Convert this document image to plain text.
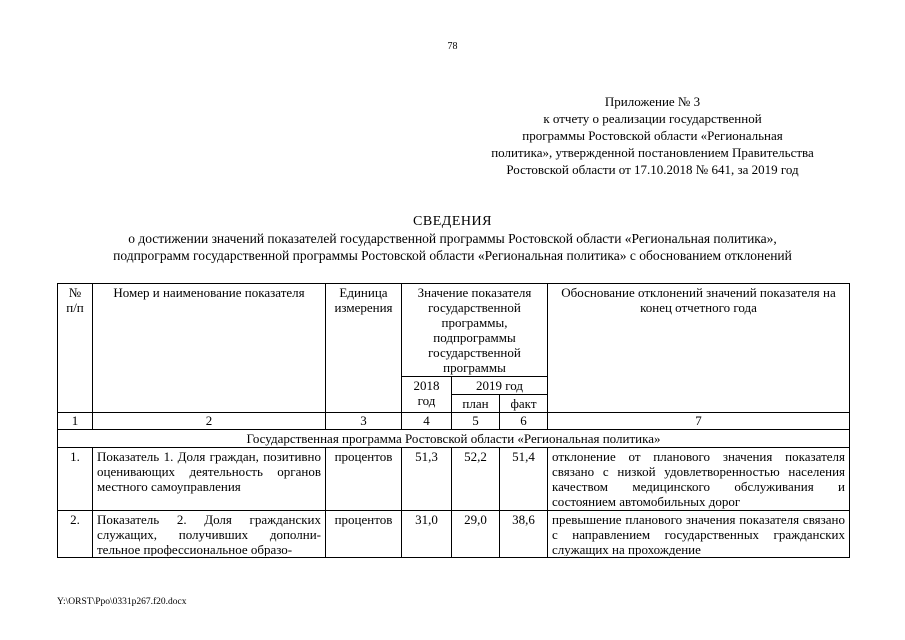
78
Приложение № 3
к отчету о реализации государственной
программы Ростовской области «Региональная
политика», утвержденной постановлением Правительства
Ростовской области от 17.10.2018 № 641, за 2019 год
СВЕДЕНИЯ
о достижении значений показателей государственной программы Ростовской области «Региональная политика»,
подпрограмм государственной программы Ростовской области «Региональная политика» с обоснованием отклонений
№ п/п	Номер и наименование показателя	Единица измерения	Значение показателя государственной программы, подпрограммы государственной программы			Обоснование отклонений значений показателя на конец отчетного года
			2018 год	2019 год		
				план	факт	
1	2	3	4	5	6	7
Государственная программа Ростовской области «Региональная политика»						
1.	Показатель 1. Доля граждан, позитивно оценивающих деятельность органов местного самоуправления	процентов	51,3	52,2	51,4	отклонение от планового значения показателя связано с низкой удовлетворенностью населения качеством медицинского обслуживания и состоянием автомобильных дорог
2.	Показатель 2. Доля гражданских служащих, получивших дополнительное профессиональное образо-	процентов	31,0	29,0	38,6	превышение планового значения показателя связано с направлением государственных гражданских служащих на прохождение
Y:\ORST\Ppo\0331p267.f20.docx
